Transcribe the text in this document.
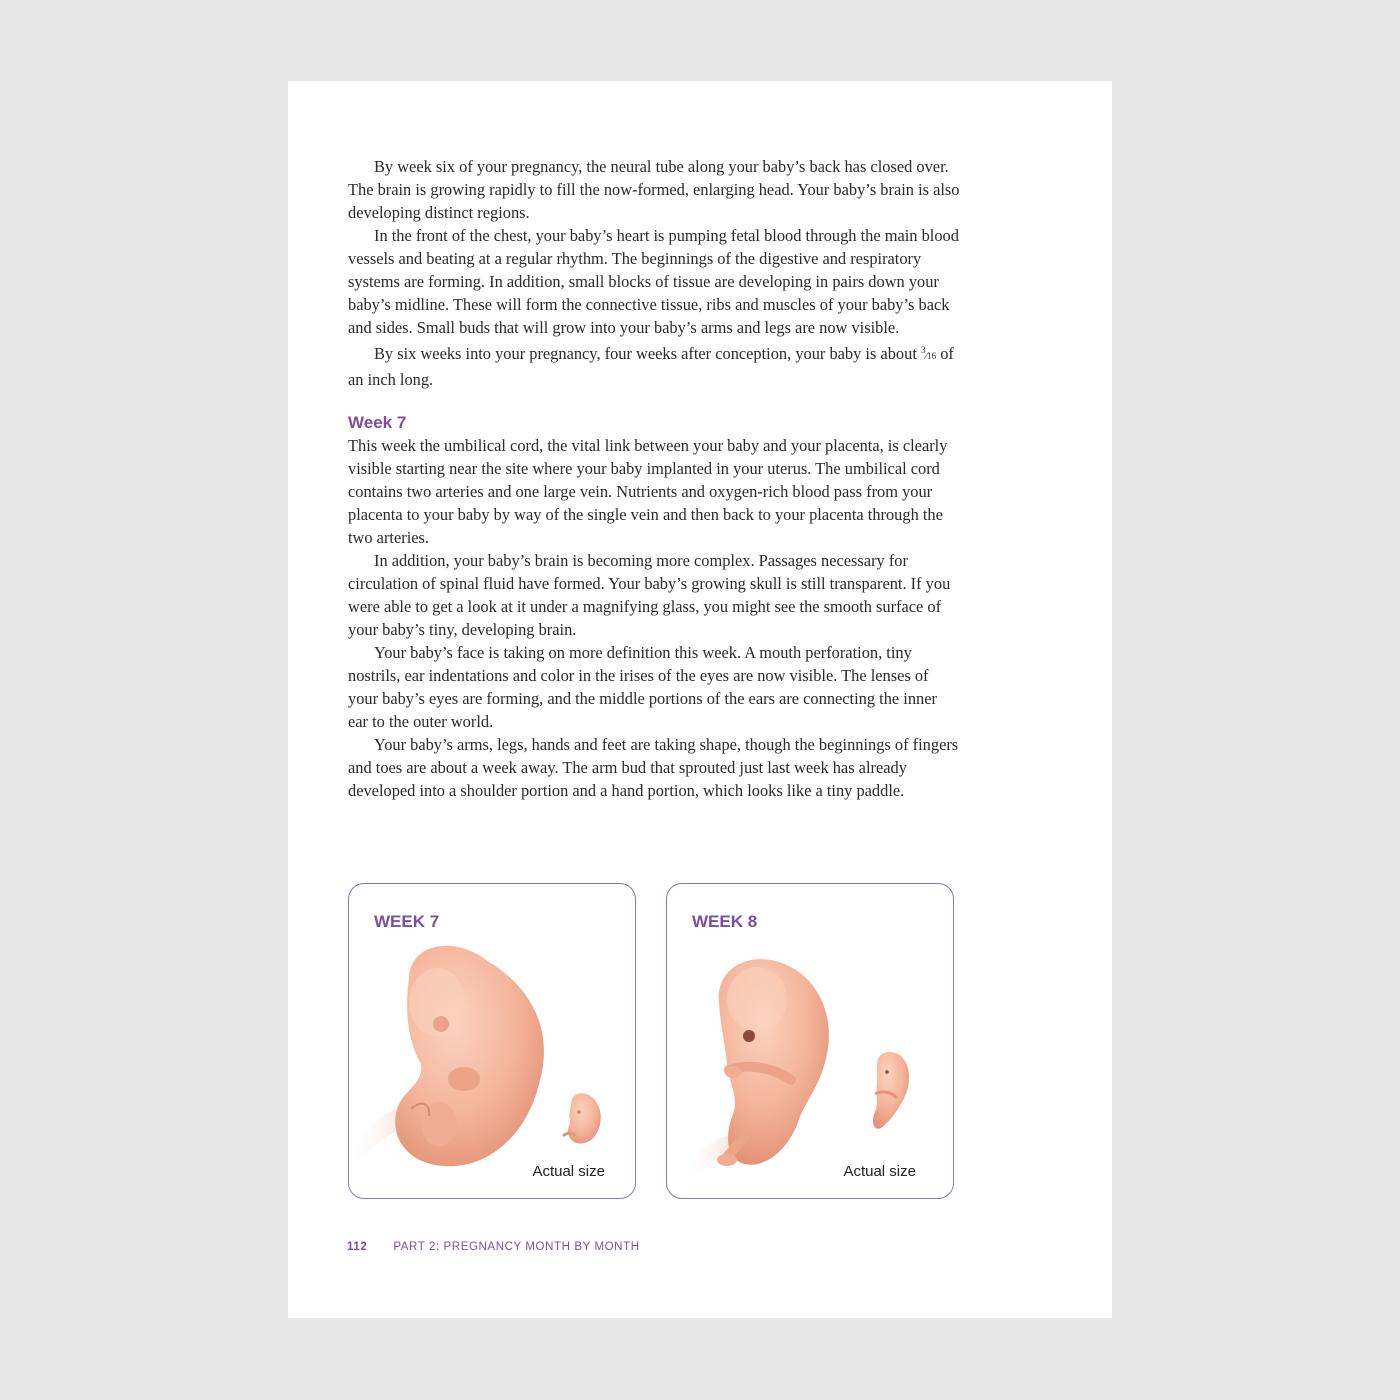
By week six of your pregnancy, the neural tube along your baby’s back has closed over. The brain is growing rapidly to fill the now-formed, enlarging head. Your baby’s brain is also developing distinct regions.

In the front of the chest, your baby’s heart is pumping fetal blood through the main blood vessels and beating at a regular rhythm. The beginnings of the digestive and respiratory systems are forming. In addition, small blocks of tissue are developing in pairs down your baby’s midline. These will form the connective tissue, ribs and muscles of your baby’s back and sides. Small buds that will grow into your baby’s arms and legs are now visible.

By six weeks into your pregnancy, four weeks after conception, your baby is about $^3$⁄16 of an inch long.

Week 7

This week the umbilical cord, the vital link between your baby and your placenta, is clearly visible starting near the site where your baby implanted in your uterus. The umbilical cord contains two arteries and one large vein. Nutrients and oxygen-rich blood pass from your placenta to your baby by way of the single vein and then back to your placenta through the two arteries.

In addition, your baby’s brain is becoming more complex. Passages necessary for circulation of spinal fluid have formed. Your baby’s growing skull is still transparent. If you were able to get a look at it under a magnifying glass, you might see the smooth surface of your baby’s tiny, developing brain.

Your baby’s face is taking on more definition this week. A mouth perforation, tiny nostrils, ear indentations and color in the irises of the eyes are now visible. The lenses of your baby’s eyes are forming, and the middle portions of the ears are connecting the inner ear to the outer world.

Your baby’s arms, legs, hands and feet are taking shape, though the beginnings of fingers and toes are about a week away. The arm bud that sprouted just last week has already developed into a shoulder portion and a hand portion, which looks like a tiny paddle.

WEEK 7
Actual size
WEEK 8
Actual size
112 PART 2: PREGNANCY MONTH BY MONTH
